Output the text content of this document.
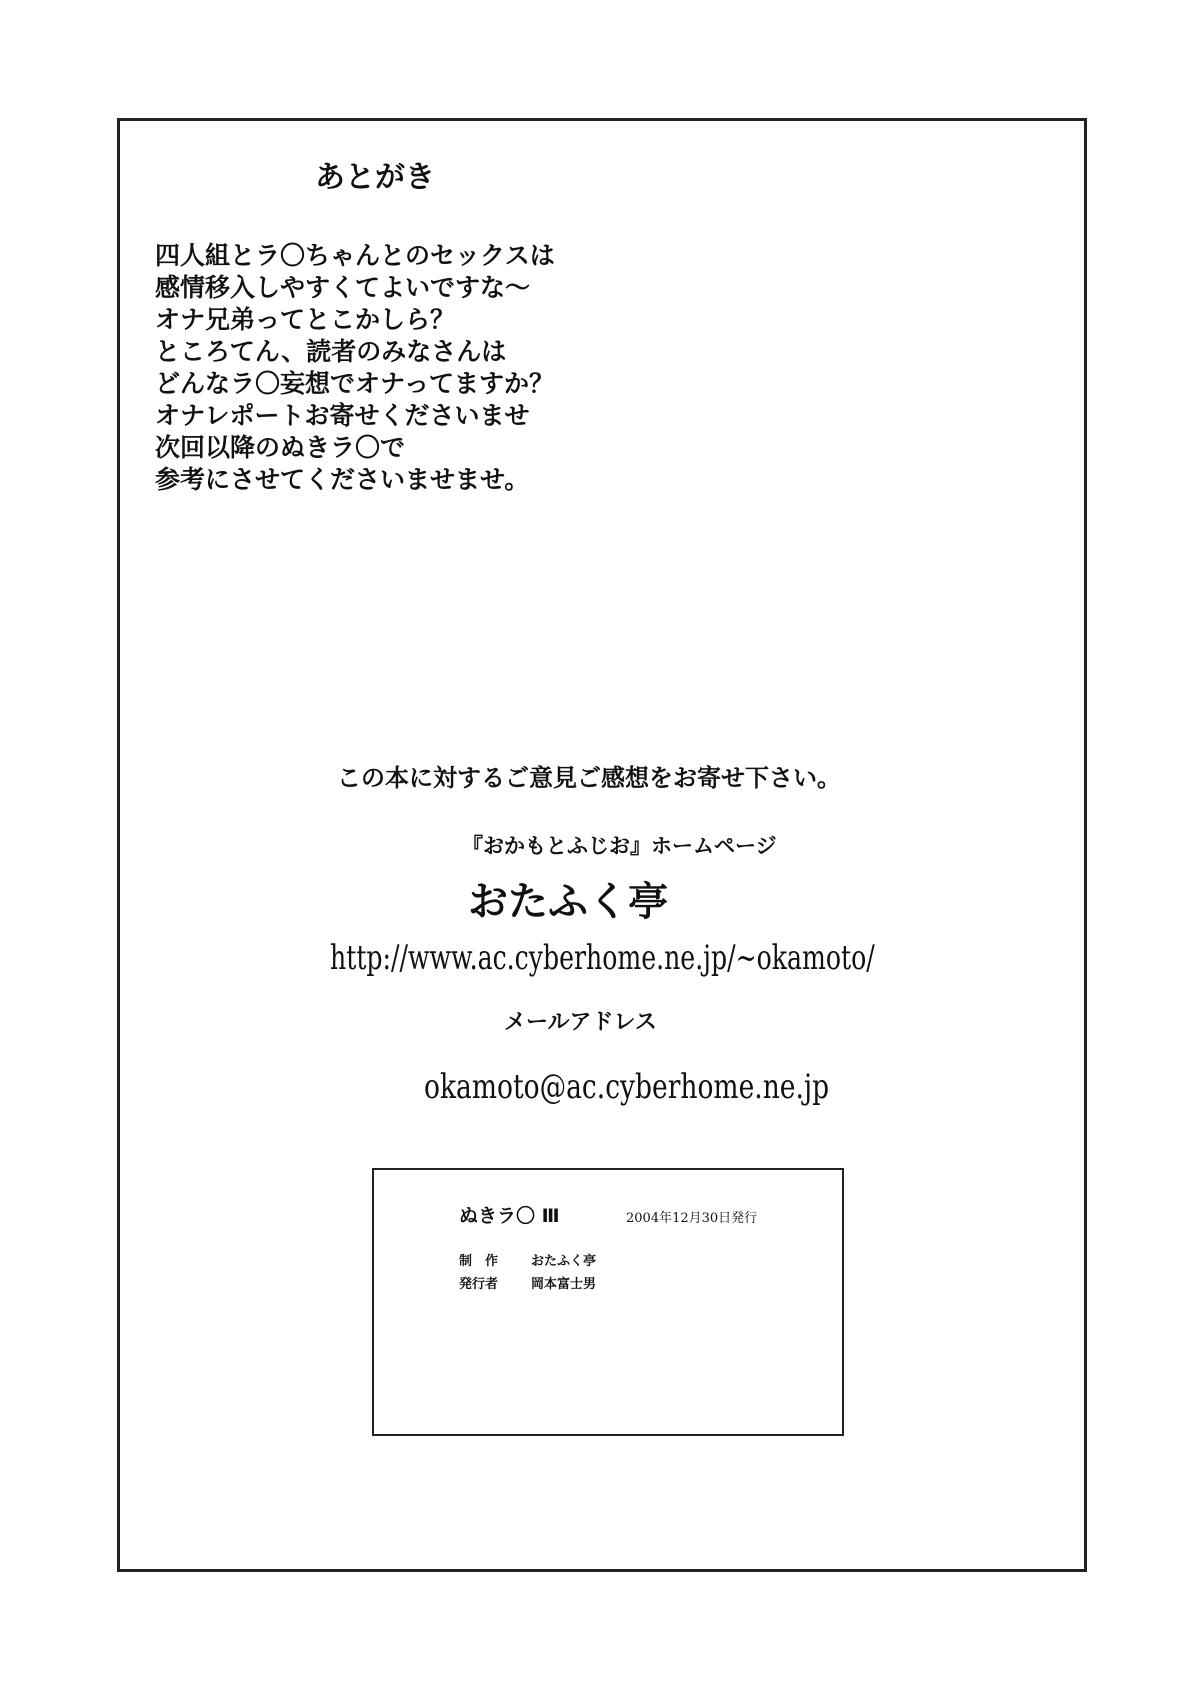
あとがき
四人組とラ〇ちゃんとのセックスは
感情移入しやすくてよいですな～
オナ兄弟ってとこかしら？
ところてん、読者のみなさんは
どんなラ〇妄想でオナってますか？
オナレポートお寄せくださいませ
次回以降のぬきラ〇で
参考にさせてくださいませませ。
この本に対するご意見ご感想をお寄せ下さい。
『おかもとふじお』ホームページ
おたふく亭
http://www.ac.cyberhome.ne.jp/~okamoto/
メールアドレス
okamoto@ac.cyberhome.ne.jp
ぬきラ〇 Ⅲ	2004年12月30日発行
制　作	おたふく亭
発行者	岡本富士男
